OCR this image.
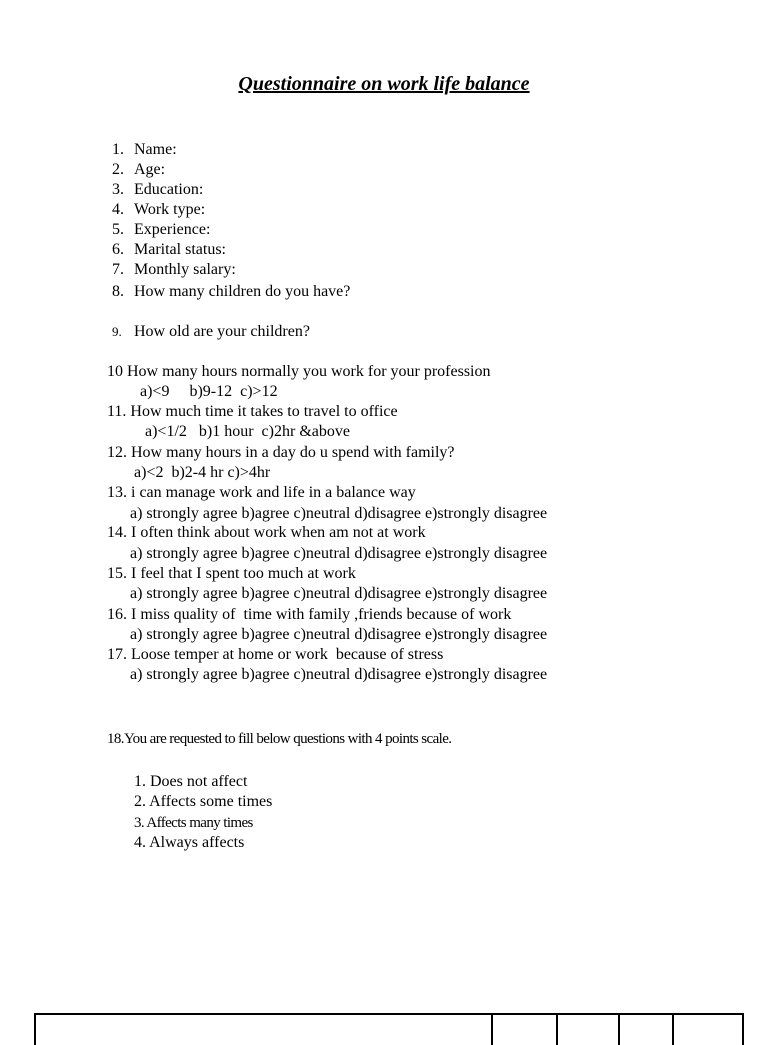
Questionnaire on work life balance
1. Name:
2. Age:
3. Education:
4. Work type:
5. Experience:
6. Marital status:
7. Monthly salary:
8. How many children do you have?
9. How old are your children?
10 How many hours normally you work for your profession
a)<9     b)9-12  c)>12
11. How much time it takes to travel to office
a)<1/2   b)1 hour  c)2hr &above
12. How many hours in a day do u spend with family?
a)<2  b)2-4 hr c)>4hr
13. i can manage work and life in a balance way
a) strongly agree b)agree c)neutral d)disagree e)strongly disagree
14. I often think about work when am not at work
a) strongly agree b)agree c)neutral d)disagree e)strongly disagree
15. I feel that I spent too much at work
a) strongly agree b)agree c)neutral d)disagree e)strongly disagree
16. I miss quality of  time with family ,friends because of work
a) strongly agree b)agree c)neutral d)disagree e)strongly disagree
17. Loose temper at home or work  because of stress
a) strongly agree b)agree c)neutral d)disagree e)strongly disagree
18.You are requested to fill below questions with 4 points scale.
1. Does not affect
2. Affects some times
3. Affects many times
4. Always affects
